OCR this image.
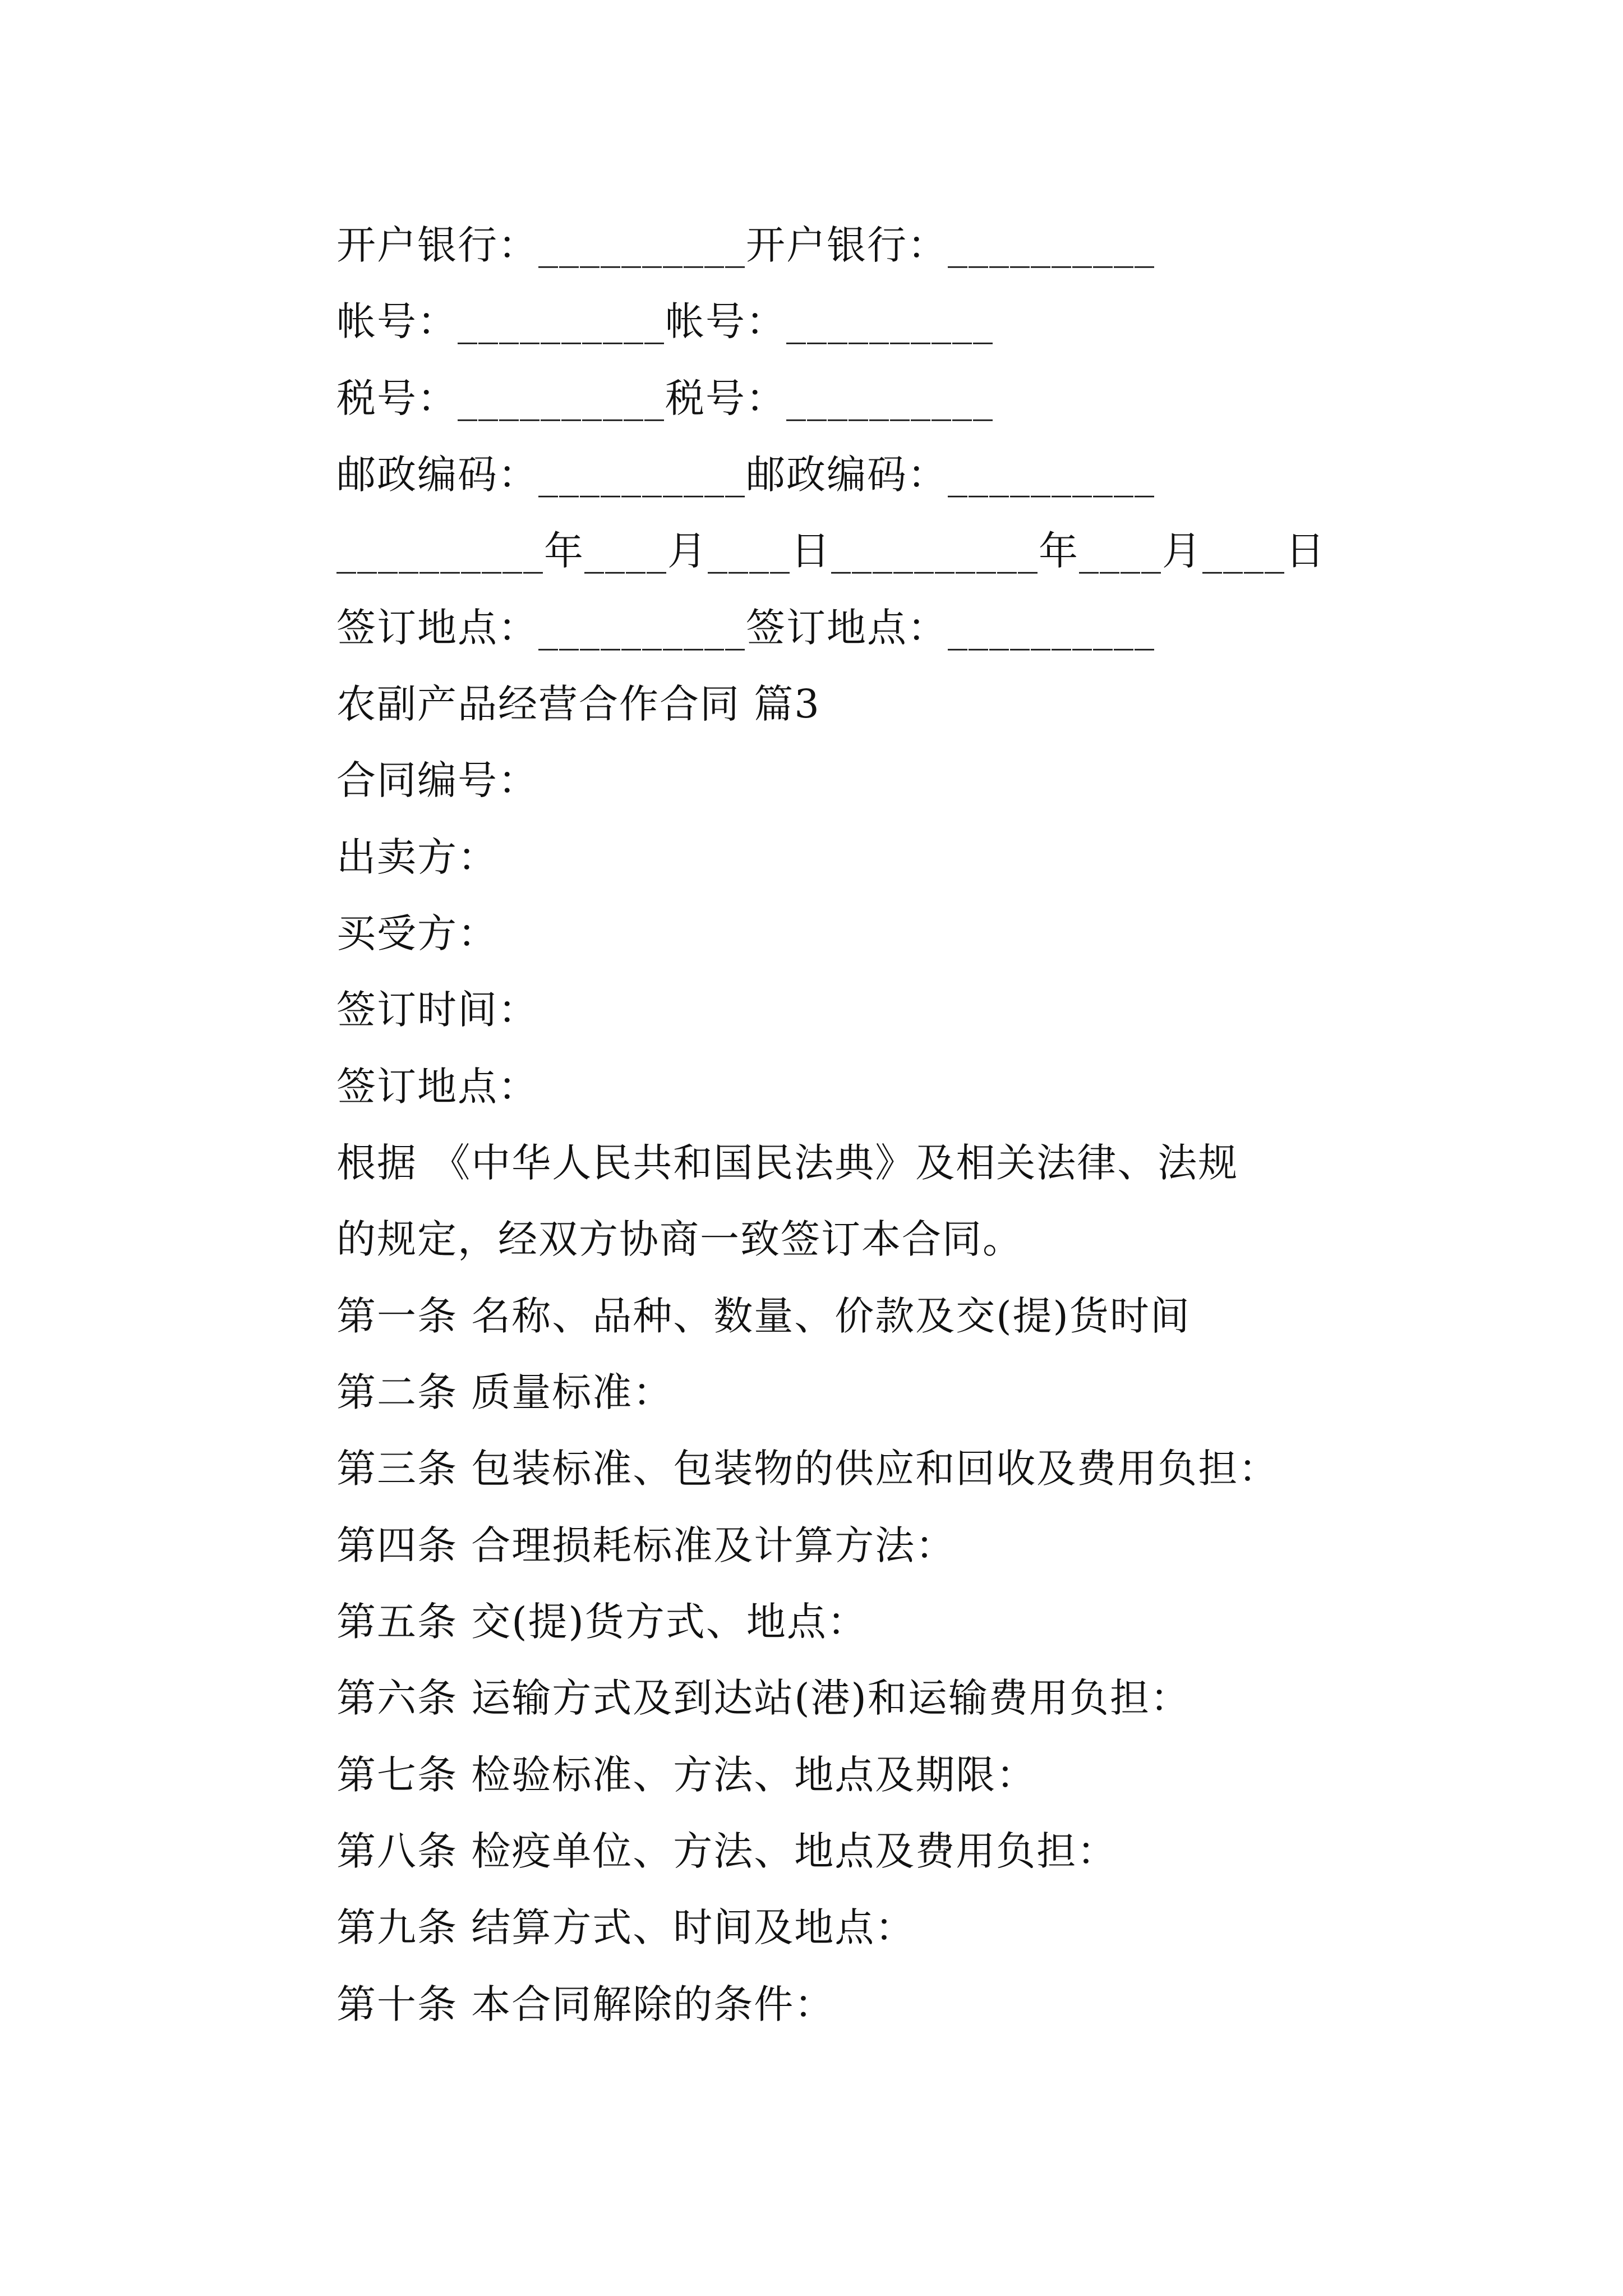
开户银行：__________开户银行：__________
帐号：__________帐号：__________
税号：__________税号：__________
邮政编码：__________邮政编码：__________
__________年____月____日__________年____月____日
签订地点：__________签订地点：__________
农副产品经营合作合同 篇3
合同编号：
出卖方：
买受方：
签订时间：
签订地点：
根据 《中华人民共和国民法典》及相关法律、法规
的规定，经双方协商一致签订本合同。
第一条 名称、品种、数量、价款及交(提)货时间
第二条 质量标准：
第三条 包装标准、包装物的供应和回收及费用负担：
第四条 合理损耗标准及计算方法：
第五条 交(提)货方式、地点：
第六条 运输方式及到达站(港)和运输费用负担：
第七条 检验标准、方法、地点及期限：
第八条 检疫单位、方法、地点及费用负担：
第九条 结算方式、时间及地点：
第十条 本合同解除的条件：
